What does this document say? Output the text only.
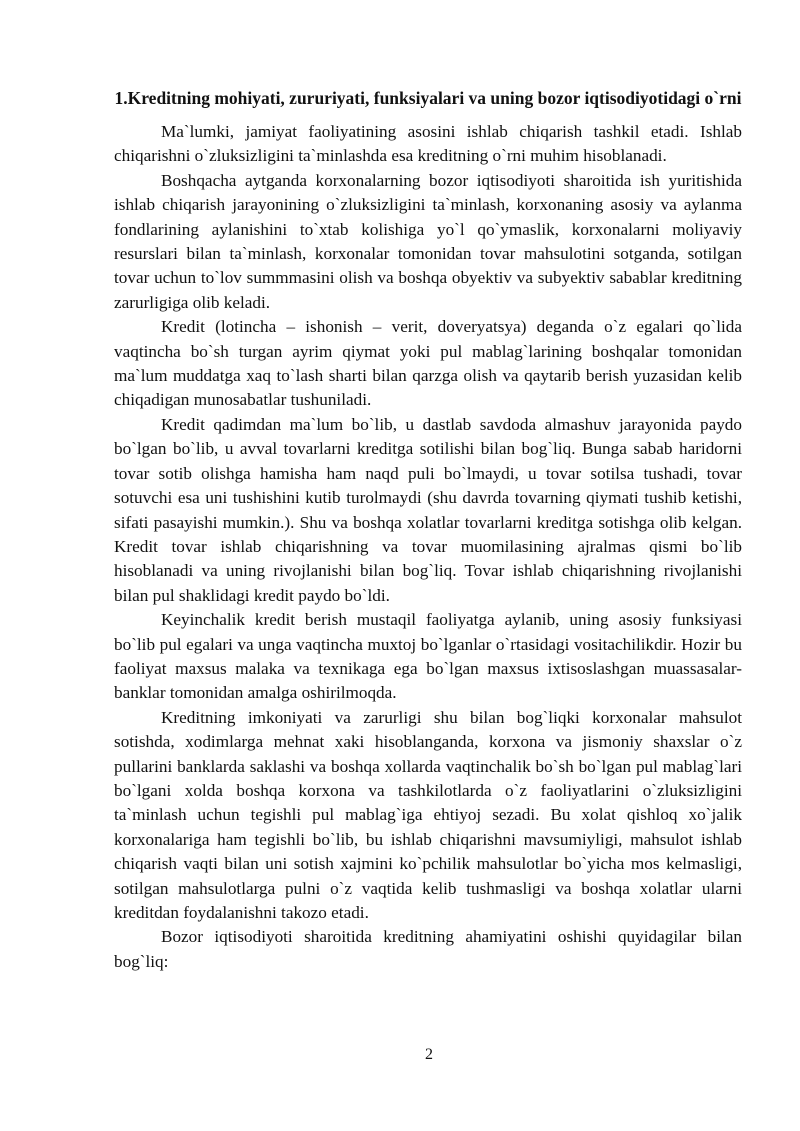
1.Kreditning mohiyati, zururiyati, funksiyalari va uning bozor iqtisodiyotidagi o`rni

Ma`lumki, jamiyat faoliyatining asosini ishlab chiqarish tashkil etadi. Ishlab chiqarishni o`zluksizligini ta`minlashda esa kreditning o`rni muhim hisoblanadi.

Boshqacha aytganda korxonalarning bozor iqtisodiyoti sharoitida ish yuritishida ishlab chiqarish jarayonining o`zluksizligini ta`minlash, korxonaning asosiy va aylanma fondlarining aylanishini to`xtab kolishiga yo`l qo`ymaslik, korxonalarni moliyaviy resurslari bilan ta`minlash, korxonalar tomonidan tovar mahsulotini sotganda, sotilgan tovar uchun to`lov summmasini olish va boshqa obyektiv va subyektiv sabablar kreditning zarurligiga olib keladi.

Kredit (lotincha – ishonish – verit, doveryatsya) deganda o`z egalari qo`lida vaqtincha bo`sh turgan ayrim qiymat yoki pul mablag`larining boshqalar tomonidan ma`lum muddatga xaq to`lash sharti bilan qarzga olish va qaytarib berish yuzasidan kelib chiqadigan munosabatlar tushuniladi.

Kredit qadimdan ma`lum bo`lib, u dastlab savdoda almashuv jarayonida paydo bo`lgan bo`lib, u avval tovarlarni kreditga sotilishi bilan bog`liq. Bunga sabab haridorni tovar sotib olishga hamisha ham naqd puli bo`lmaydi, u tovar sotilsa tushadi, tovar sotuvchi esa uni tushishini kutib turolmaydi (shu davrda tovarning qiymati tushib ketishi, sifati pasayishi mumkin.). Shu va boshqa xolatlar tovarlarni kreditga sotishga olib kelgan. Kredit tovar ishlab chiqarishning va tovar muomilasining ajralmas qismi bo`lib hisoblanadi va uning rivojlanishi bilan bog`liq. Tovar ishlab chiqarishning rivojlanishi bilan pul shaklidagi kredit paydo bo`ldi.

Keyinchalik kredit berish mustaqil faoliyatga aylanib, uning asosiy funksiyasi bo`lib pul egalari va unga vaqtincha muxtoj bo`lganlar o`rtasidagi vositachilikdir. Hozir bu faoliyat maxsus malaka va texnikaga ega bo`lgan maxsus ixtisoslashgan muassasalar-banklar tomonidan amalga oshirilmoqda.

Kreditning imkoniyati va zarurligi shu bilan bog`liqki korxonalar mahsulot sotishda, xodimlarga mehnat xaki hisoblanganda, korxona va jismoniy shaxslar o`z pullarini banklarda saklashi va boshqa xollarda vaqtinchalik bo`sh bo`lgan pul mablag`lari bo`lgani xolda boshqa korxona va tashkilotlarda o`z faoliyatlarini o`zluksizligini ta`minlash uchun tegishli pul mablag`iga ehtiyoj sezadi. Bu xolat qishloq xo`jalik korxonalariga ham tegishli bo`lib, bu ishlab chiqarishni mavsumiyligi, mahsulot ishlab chiqarish vaqti bilan uni sotish xajmini ko`pchilik mahsulotlar bo`yicha mos kelmasligi, sotilgan mahsulotlarga pulni o`z vaqtida kelib tushmasligi va boshqa xolatlar ularni kreditdan foydalanishni takozo etadi.

Bozor iqtisodiyoti sharoitida kreditning ahamiyatini oshishi quyidagilar bilan bog`liq:

2
